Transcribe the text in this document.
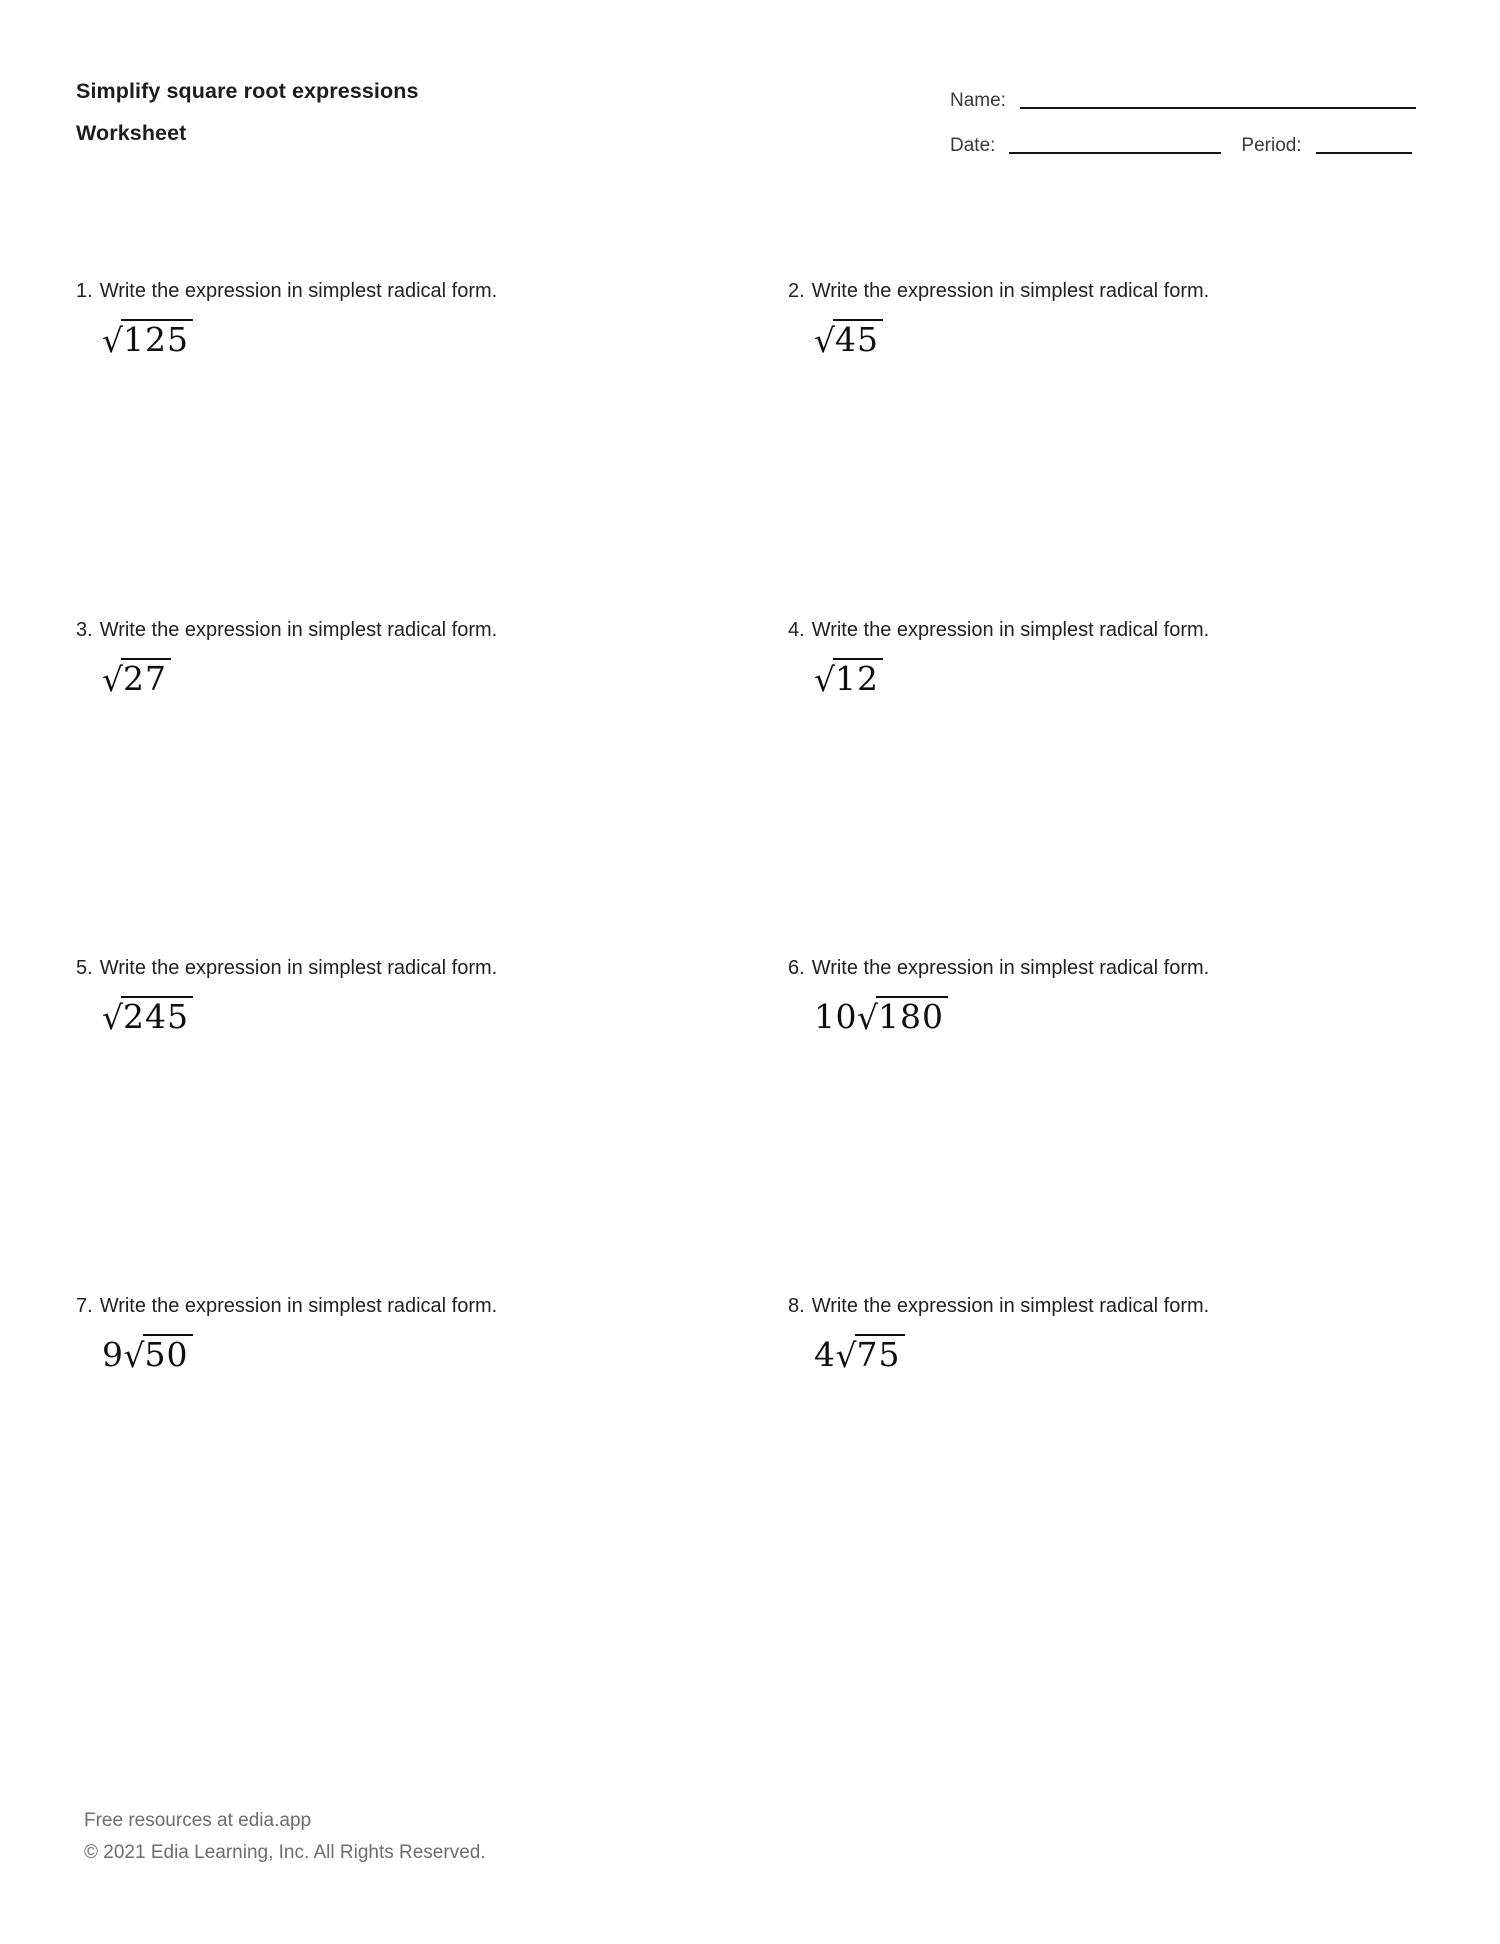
Simplify square root expressions
Worksheet
Name:
Date:	Period:
1. Write the expression in simplest radical form.
√125
2. Write the expression in simplest radical form.
√45
3. Write the expression in simplest radical form.
√27
4. Write the expression in simplest radical form.
√12
5. Write the expression in simplest radical form.
√245
6. Write the expression in simplest radical form.
10√180
7. Write the expression in simplest radical form.
9√50
8. Write the expression in simplest radical form.
4√75
Free resources at edia.app
© 2021 Edia Learning, Inc. All Rights Reserved.
